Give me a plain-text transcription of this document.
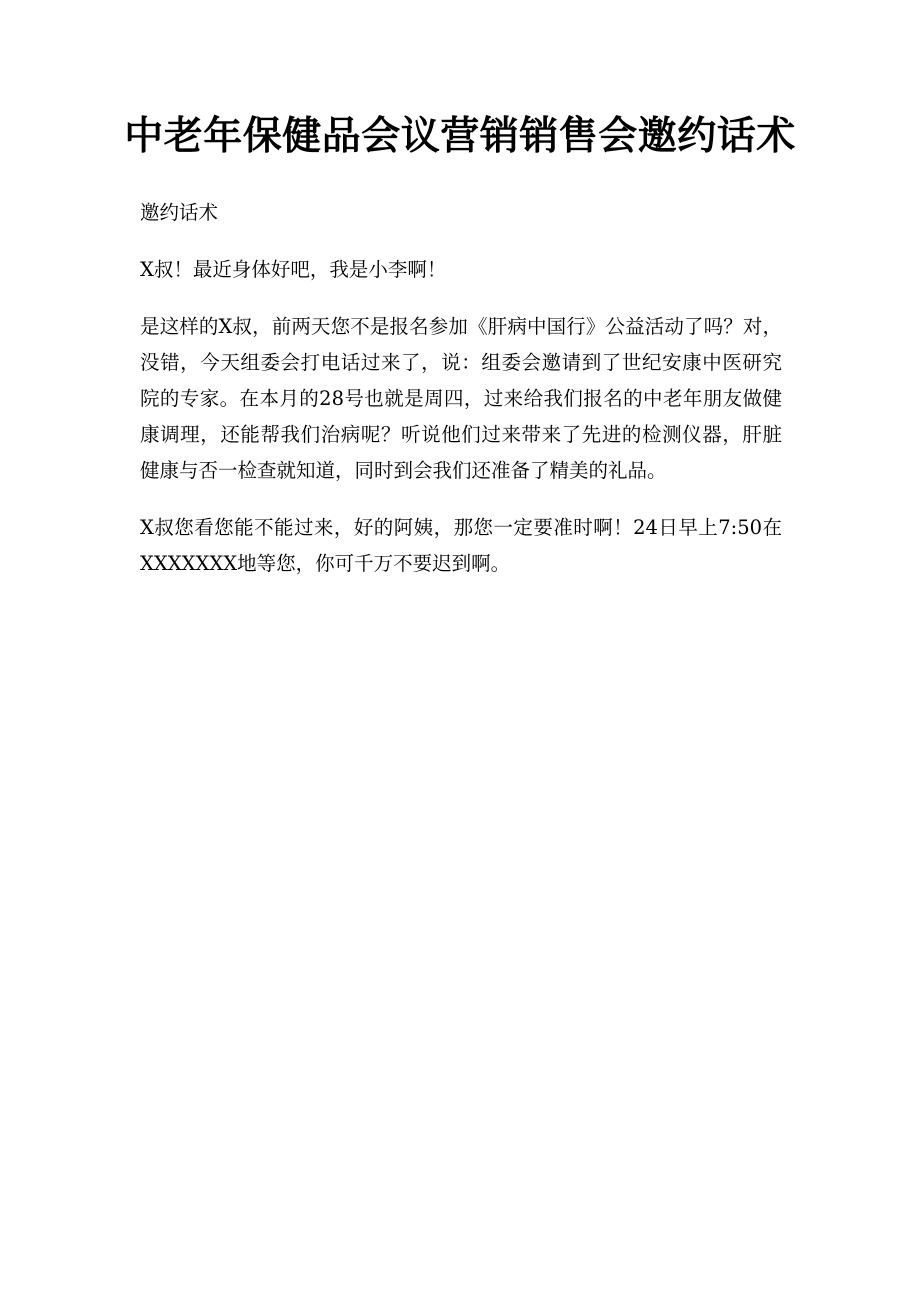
中老年保健品会议营销销售会邀约话术

邀约话术

X叔！最近身体好吧，我是小李啊！

是这样的X叔，前两天您不是报名参加《肝病中国行》公益活动了吗？对，没错，今天组委会打电话过来了，说：组委会邀请到了世纪安康中医研究院的专家。在本月的28号也就是周四，过来给我们报名的中老年朋友做健康调理，还能帮我们治病呢？听说他们过来带来了先进的检测仪器，肝脏健康与否一检查就知道，同时到会我们还准备了精美的礼品。

X叔您看您能不能过来，好的阿姨，那您一定要准时啊！24日早上7:50在XXXXXXX地等您，你可千万不要迟到啊。
